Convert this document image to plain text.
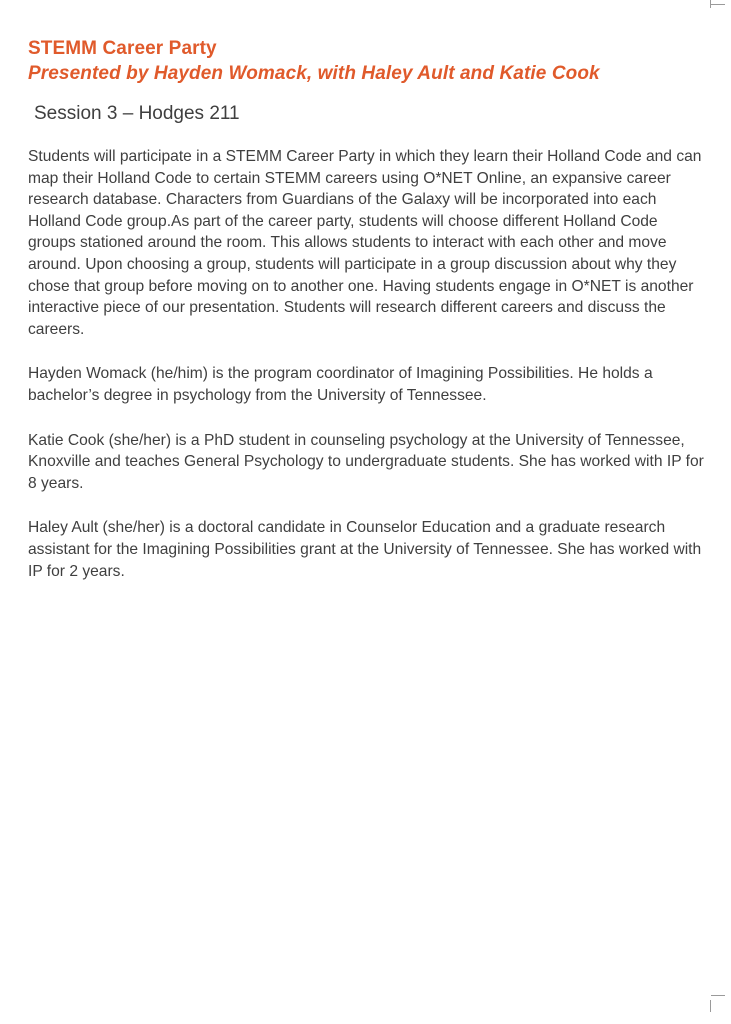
STEMM Career Party
Presented by Hayden Womack, with Haley Ault and Katie Cook
Session 3 – Hodges 211

Students will participate in a STEMM Career Party in which they learn their Holland Code and can map their Holland Code to certain STEMM careers using O*NET Online, an expansive career research database. Characters from Guardians of the Galaxy will be incorporated into each Holland Code group.As part of the career party, students will choose different Holland Code groups stationed around the room. This allows students to interact with each other and move around. Upon choosing a group, students will participate in a group discussion about why they chose that group before moving on to another one. Having students engage in O*NET is another interactive piece of our presentation. Students will research different careers and discuss the careers.

Hayden Womack (he/him) is the program coordinator of Imagining Possibilities. He holds a bachelor’s degree in psychology from the University of Tennessee.

Katie Cook (she/her) is a PhD student in counseling psychology at the University of Tennessee, Knoxville and teaches General Psychology to undergraduate students. She has worked with IP for 8 years.

Haley Ault (she/her) is a doctoral candidate in Counselor Education and a graduate research assistant for the Imagining Possibilities grant at the University of Tennessee. She has worked with IP for 2 years.
